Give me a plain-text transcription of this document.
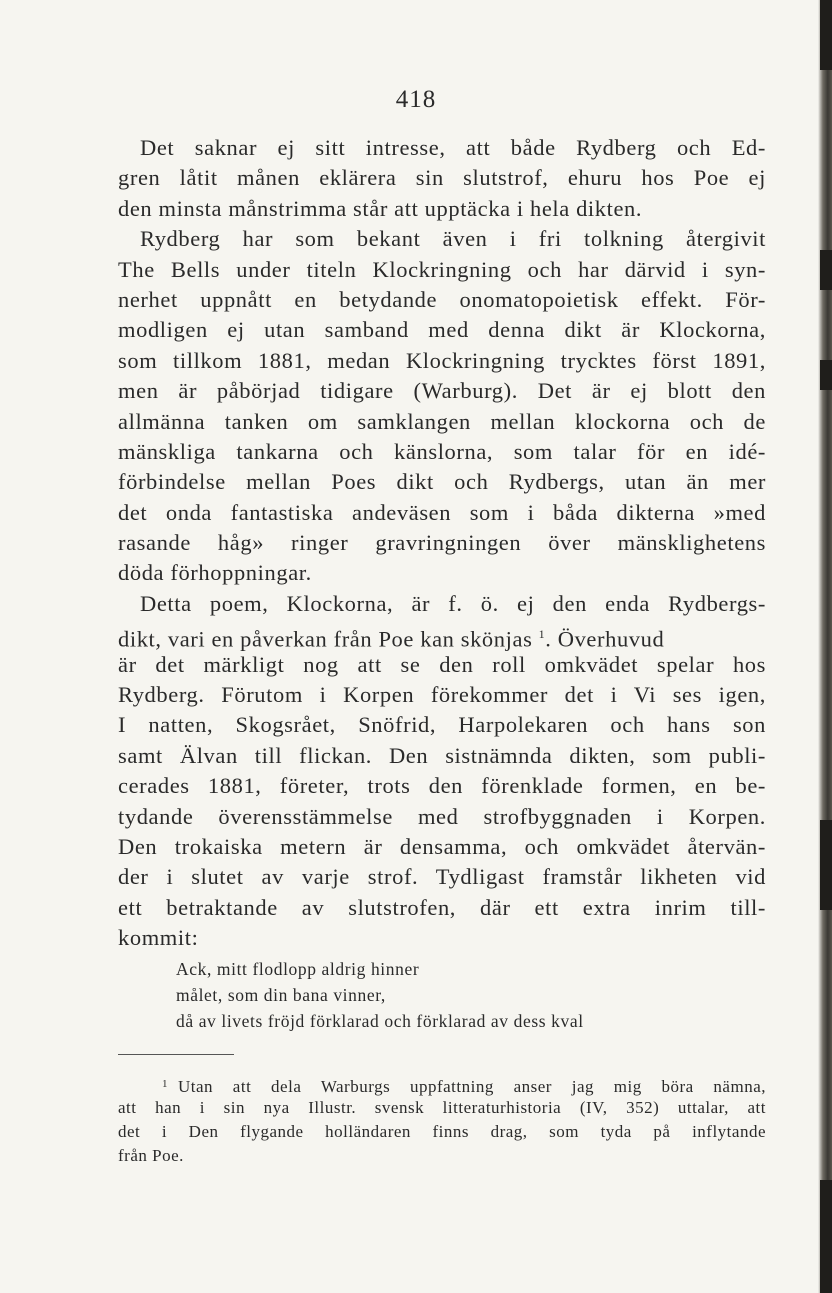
418
Det saknar ej sitt intresse, att både Rydberg och Ed-
gren låtit månen eklärera sin slutstrof, ehuru hos Poe ej
den minsta månstrimma står att upptäcka i hela dikten.
Rydberg har som bekant även i fri tolkning återgivit
The Bells under titeln Klockringning och har därvid i syn-
nerhet uppnått en betydande onomatopoietisk effekt. För-
modligen ej utan samband med denna dikt är Klockorna,
som tillkom 1881, medan Klockringning trycktes först 1891,
men är påbörjad tidigare (Warburg). Det är ej blott den
allmänna tanken om samklangen mellan klockorna och de
mänskliga tankarna och känslorna, som talar för en idé-
förbindelse mellan Poes dikt och Rydbergs, utan än mer
det onda fantastiska andeväsen som i båda dikterna »med
rasande håg» ringer gravringningen över mänsklighetens
döda förhoppningar.
Detta poem, Klockorna, är f. ö. ej den enda Rydbergs-
dikt, vari en påverkan från Poe kan skönjas $^1$. Överhuvud
är det märkligt nog att se den roll omkvädet spelar hos
Rydberg. Förutom i Korpen förekommer det i Vi ses igen,
I natten, Skogsrået, Snöfrid, Harpolekaren och hans son
samt Älvan till flickan. Den sistnämnda dikten, som publi-
cerades 1881, företer, trots den förenklade formen, en be-
tydande överensstämmelse med strofbyggnaden i Korpen.
Den trokaiska metern är densamma, och omkvädet återvän-
der i slutet av varje strof. Tydligast framstår likheten vid
ett betraktande av slutstrofen, där ett extra inrim till-
kommit:
Ack, mitt flodlopp aldrig hinner
målet, som din bana vinner,
då av livets fröjd förklarad och förklarad av dess kval
$^1$ Utan att dela Warburgs uppfattning anser jag mig böra nämna,
att han i sin nya Illustr. svensk litteraturhistoria (IV, 352) uttalar, att
det i Den flygande holländaren finns drag, som tyda på inflytande
från Poe.
